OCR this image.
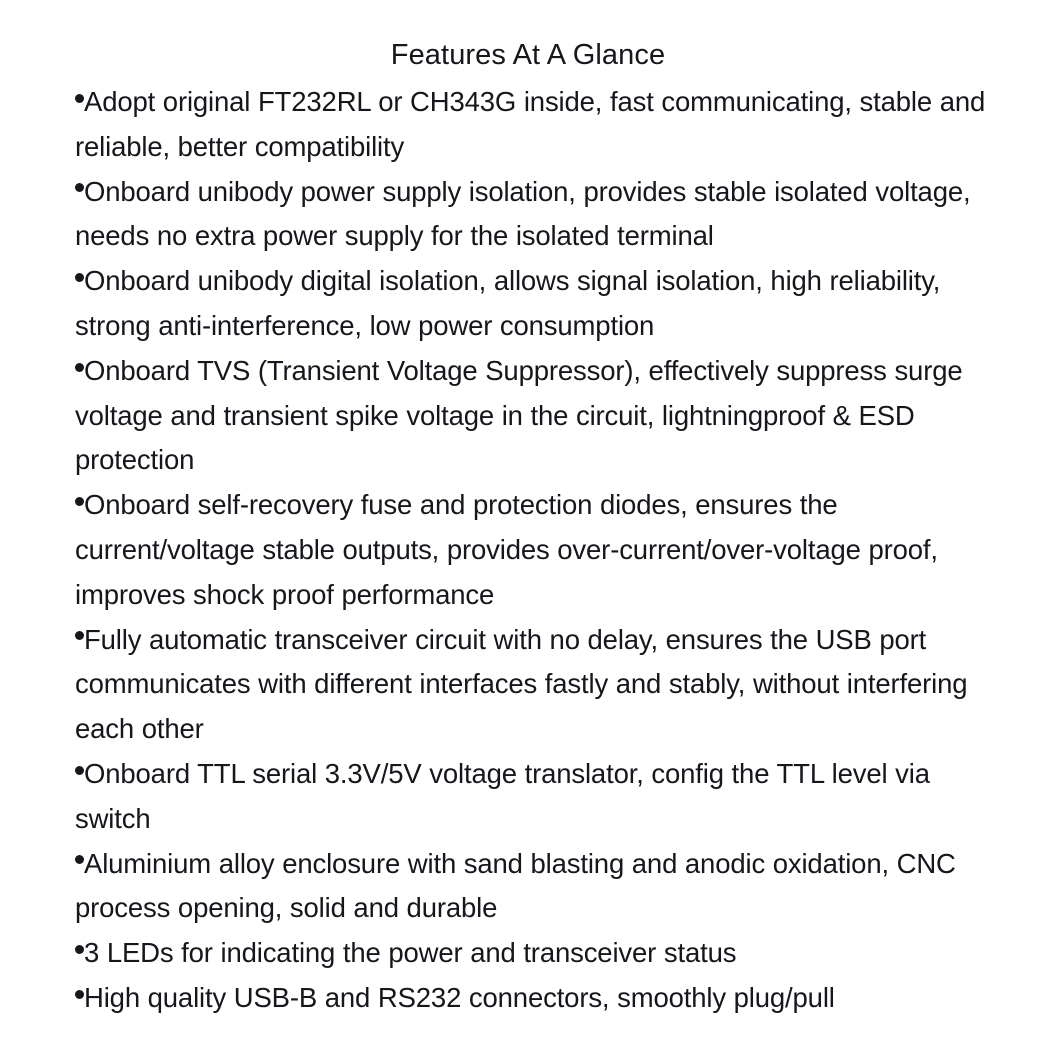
Features At A Glance
Adopt original FT232RL or CH343G inside, fast communicating, stable and reliable, better compatibility
Onboard unibody power supply isolation, provides stable isolated voltage, needs no extra power supply for the isolated terminal
Onboard unibody digital isolation, allows signal isolation, high reliability, strong anti-interference, low power consumption
Onboard TVS (Transient Voltage Suppressor), effectively suppress surge voltage and transient spike voltage in the circuit, lightningproof & ESD protection
Onboard self-recovery fuse and protection diodes, ensures the current/voltage stable outputs, provides over-current/over-voltage proof, improves shock proof performance
Fully automatic transceiver circuit with no delay, ensures the USB port communicates with different interfaces fastly and stably, without interfering each other
Onboard TTL serial 3.3V/5V voltage translator, config the TTL level via switch
Aluminium alloy enclosure with sand blasting and anodic oxidation, CNC process opening, solid and durable
3 LEDs for indicating the power and transceiver status
High quality USB-B and RS232 connectors, smoothly plug/pull
